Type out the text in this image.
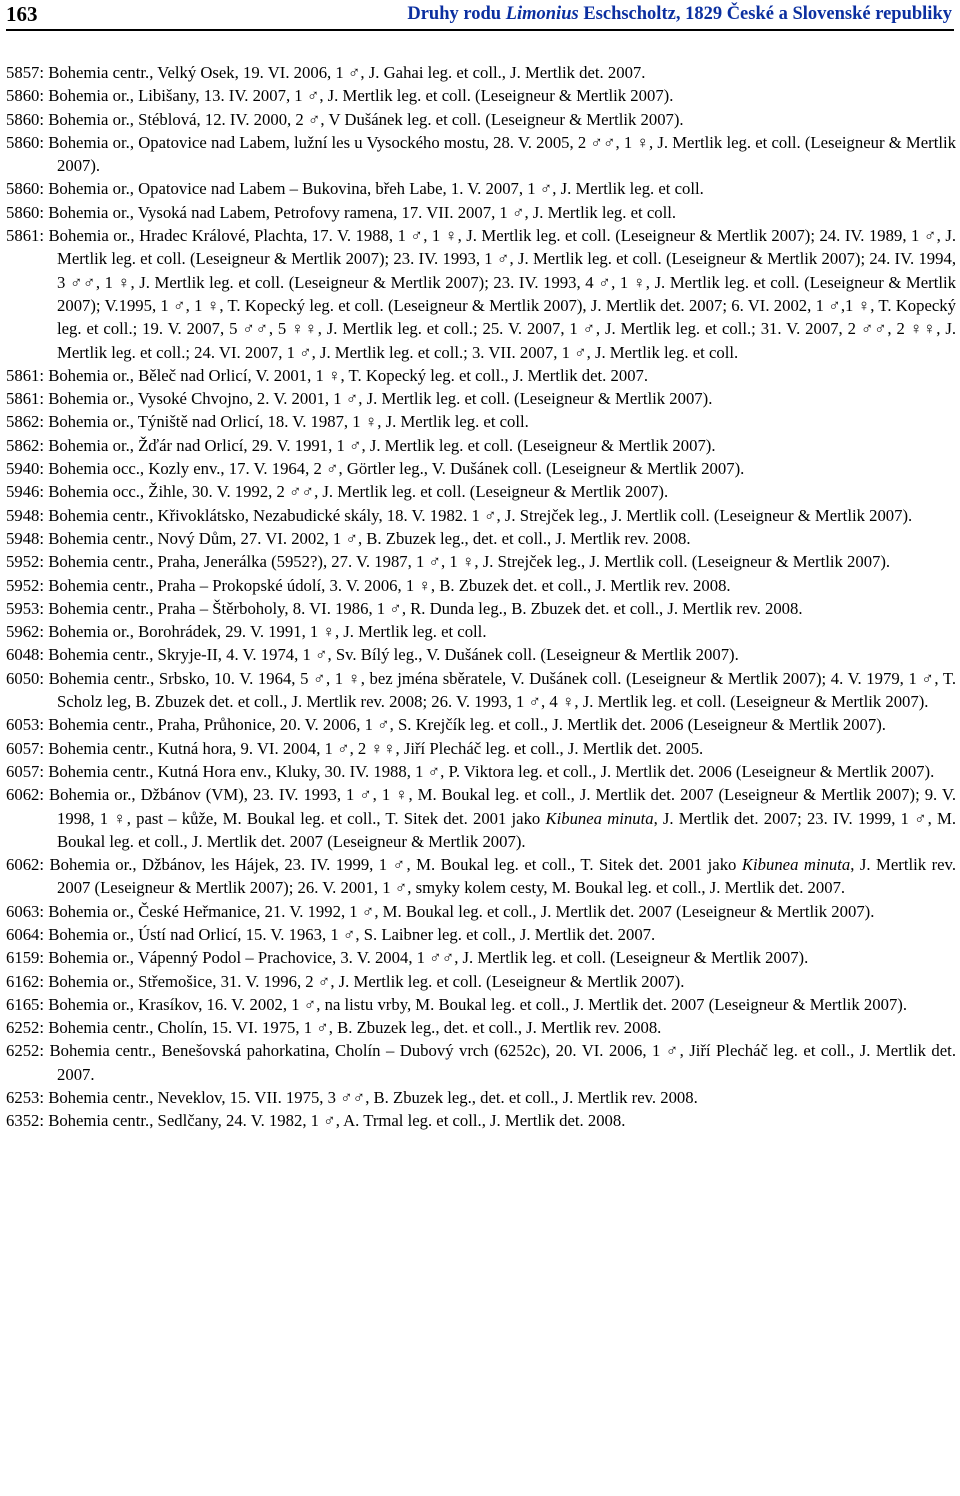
163	Druhy rodu Limonius Eschscholtz, 1829 České a Slovenské republiky
5857: Bohemia centr., Velký Osek, 19. VI. 2006, 1 ♂, J. Gahai leg. et coll., J. Mertlik det. 2007.
5860: Bohemia or., Libišany, 13. IV. 2007, 1 ♂, J. Mertlik leg. et coll. (Leseigneur & Mertlik 2007).
5860: Bohemia or., Stéblová, 12. IV. 2000, 2 ♂, V Dušánek leg. et coll. (Leseigneur & Mertlik 2007).
5860: Bohemia or., Opatovice nad Labem, lužní les u Vysockého mostu, 28. V. 2005, 2 ♂♂, 1 ♀, J. Mertlik leg. et coll. (Leseigneur & Mertlik 2007).
5860: Bohemia or., Opatovice nad Labem – Bukovina, břeh Labe, 1. V. 2007, 1 ♂, J. Mertlik leg. et coll.
5860: Bohemia or., Vysoká nad Labem, Petrofovy ramena, 17. VII. 2007, 1 ♂, J. Mertlik leg. et coll.
5861: Bohemia or., Hradec Králové, Plachta, 17. V. 1988, 1 ♂, 1 ♀, J. Mertlik leg. et coll. (Leseigneur & Mertlik 2007); 24. IV. 1989, 1 ♂, J. Mertlik leg. et coll. (Leseigneur & Mertlik 2007); 23. IV. 1993, 1 ♂, J. Mertlik leg. et coll. (Leseigneur & Mertlik 2007); 24. IV. 1994, 3 ♂♂, 1 ♀, J. Mertlik leg. et coll. (Leseigneur & Mertlik 2007); 23. IV. 1993, 4 ♂, 1 ♀, J. Mertlik leg. et coll. (Leseigneur & Mertlik 2007); V.1995, 1 ♂, 1 ♀, T. Kopecký leg. et coll. (Leseigneur & Mertlik 2007), J. Mertlik det. 2007; 6. VI. 2002, 1 ♂,1 ♀, T. Kopecký leg. et coll.; 19. V. 2007, 5 ♂♂, 5 ♀♀, J. Mertlik leg. et coll.; 25. V. 2007, 1 ♂, J. Mertlik leg. et coll.; 31. V. 2007, 2 ♂♂, 2 ♀♀, J. Mertlik leg. et coll.; 24. VI. 2007, 1 ♂, J. Mertlik leg. et coll.; 3. VII. 2007, 1 ♂, J. Mertlik leg. et coll.
5861: Bohemia or., Běleč nad Orlicí, V. 2001, 1 ♀, T. Kopecký leg. et coll., J. Mertlik det. 2007.
5861: Bohemia or., Vysoké Chvojno, 2. V. 2001, 1 ♂, J. Mertlik leg. et coll. (Leseigneur & Mertlik 2007).
5862: Bohemia or., Týniště nad Orlicí, 18. V. 1987, 1 ♀, J. Mertlik leg. et coll.
5862: Bohemia or., Žďár nad Orlicí, 29. V. 1991, 1 ♂, J. Mertlik leg. et coll. (Leseigneur & Mertlik 2007).
5940: Bohemia occ., Kozly env., 17. V. 1964, 2 ♂, Görtler leg., V. Dušánek coll. (Leseigneur & Mertlik 2007).
5946: Bohemia occ., Žihle, 30. V. 1992, 2 ♂♂, J. Mertlik leg. et coll. (Leseigneur & Mertlik 2007).
5948: Bohemia centr., Křivoklátsko, Nezabudické skály, 18. V. 1982. 1 ♂, J. Strejček leg., J. Mertlik coll. (Leseigneur & Mertlik 2007).
5948: Bohemia centr., Nový Dům, 27. VI. 2002, 1 ♂, B. Zbuzek leg., det. et coll., J. Mertlik rev. 2008.
5952: Bohemia centr., Praha, Jenerálka (5952?), 27. V. 1987, 1 ♂, 1 ♀, J. Strejček leg., J. Mertlik coll. (Leseigneur & Mertlik 2007).
5952: Bohemia centr., Praha – Prokopské údolí, 3. V. 2006, 1 ♀, B. Zbuzek det. et coll., J. Mertlik rev. 2008.
5953: Bohemia centr., Praha – Štěrboholy, 8. VI. 1986, 1 ♂, R. Dunda leg., B. Zbuzek det. et coll., J. Mertlik rev. 2008.
5962: Bohemia or., Borohrádek, 29. V. 1991, 1 ♀, J. Mertlik leg. et coll.
6048: Bohemia centr., Skryje-II, 4. V. 1974, 1 ♂, Sv. Bílý leg., V. Dušánek coll. (Leseigneur & Mertlik 2007).
6050: Bohemia centr., Srbsko, 10. V. 1964, 5 ♂, 1 ♀, bez jména sběratele, V. Dušánek coll. (Leseigneur & Mertlik 2007); 4. V. 1979, 1 ♂, T. Scholz leg, B. Zbuzek det. et coll., J. Mertlik rev. 2008; 26. V. 1993, 1 ♂, 4 ♀, J. Mertlik leg. et coll. (Leseigneur & Mertlik 2007).
6053: Bohemia centr., Praha, Průhonice, 20. V. 2006, 1 ♂, S. Krejčík leg. et coll., J. Mertlik det. 2006 (Leseigneur & Mertlik 2007).
6057: Bohemia centr., Kutná hora, 9. VI. 2004, 1 ♂, 2 ♀♀, Jiří Plecháč leg. et coll., J. Mertlik det. 2005.
6057: Bohemia centr., Kutná Hora env., Kluky, 30. IV. 1988, 1 ♂, P. Viktora leg. et coll., J. Mertlik det. 2006 (Leseigneur & Mertlik 2007).
6062: Bohemia or., Džbánov (VM), 23. IV. 1993, 1 ♂, 1 ♀, M. Boukal leg. et coll., J. Mertlik det. 2007 (Leseigneur & Mertlik 2007); 9. V. 1998, 1 ♀, past – kůže, M. Boukal leg. et coll., T. Sitek det. 2001 jako Kibunea minuta, J. Mertlik det. 2007; 23. IV. 1999, 1 ♂, M. Boukal leg. et coll., J. Mertlik det. 2007 (Leseigneur & Mertlik 2007).
6062: Bohemia or., Džbánov, les Hájek, 23. IV. 1999, 1 ♂, M. Boukal leg. et coll., T. Sitek det. 2001 jako Kibunea minuta, J. Mertlik rev. 2007 (Leseigneur & Mertlik 2007); 26. V. 2001, 1 ♂, smyky kolem cesty, M. Boukal leg. et coll., J. Mertlik det. 2007.
6063: Bohemia or., České Heřmanice, 21. V. 1992, 1 ♂, M. Boukal leg. et coll., J. Mertlik det. 2007 (Leseigneur & Mertlik 2007).
6064: Bohemia or., Ústí nad Orlicí, 15. V. 1963, 1 ♂, S. Laibner leg. et coll., J. Mertlik det. 2007.
6159: Bohemia or., Vápenný Podol – Prachovice, 3. V. 2004, 1 ♂♂, J. Mertlik leg. et coll. (Leseigneur & Mertlik 2007).
6162: Bohemia or., Střemošice, 31. V. 1996, 2 ♂, J. Mertlik leg. et coll. (Leseigneur & Mertlik 2007).
6165: Bohemia or., Krasíkov, 16. V. 2002, 1 ♂, na listu vrby, M. Boukal leg. et coll., J. Mertlik det. 2007 (Leseigneur & Mertlik 2007).
6252: Bohemia centr., Cholín, 15. VI. 1975, 1 ♂, B. Zbuzek leg., det. et coll., J. Mertlik rev. 2008.
6252: Bohemia centr., Benešovská pahorkatina, Cholín – Dubový vrch (6252c), 20. VI. 2006, 1 ♂, Jiří Plecháč leg. et coll., J. Mertlik det. 2007.
6253: Bohemia centr., Neveklov, 15. VII. 1975, 3 ♂♂, B. Zbuzek leg., det. et coll., J. Mertlik rev. 2008.
6352: Bohemia centr., Sedlčany, 24. V. 1982, 1 ♂, A. Trmal leg. et coll., J. Mertlik det. 2008.
